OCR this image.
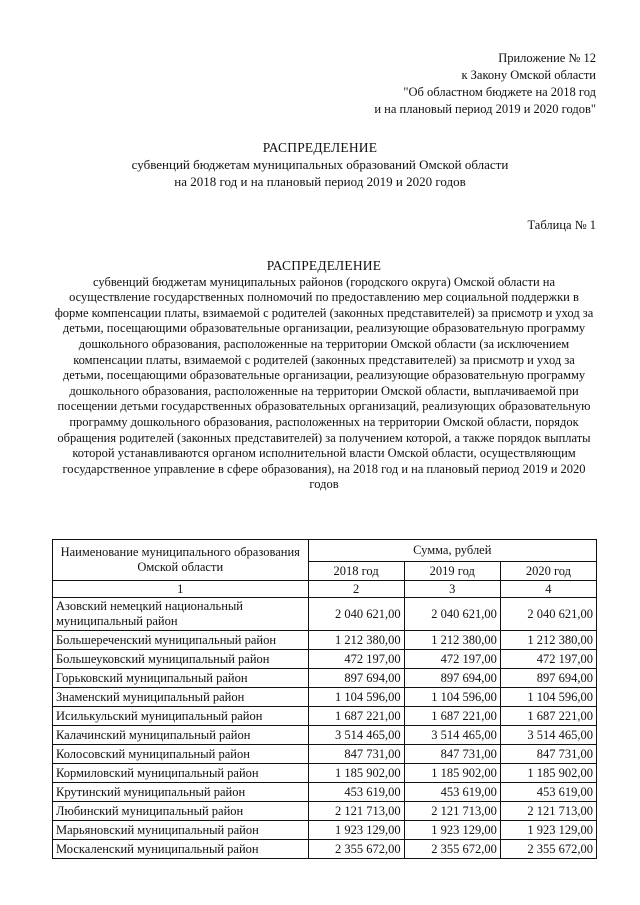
Приложение № 12
к Закону Омской области
"Об областном бюджете на 2018 год
и на плановый период 2019 и 2020 годов"
РАСПРЕДЕЛЕНИЕ
субвенций бюджетам муниципальных образований Омской области
на 2018 год и на плановый период 2019 и 2020 годов
Таблица № 1
РАСПРЕДЕЛЕНИЕ
субвенций бюджетам муниципальных районов (городского округа) Омской области на осуществление государственных полномочий по предоставлению мер социальной поддержки в форме компенсации платы, взимаемой с родителей (законных представителей) за присмотр и уход за детьми, посещающими образовательные организации, реализующие образовательную программу дошкольного образования, расположенные на территории Омской области (за исключением компенсации платы, взимаемой с родителей (законных представителей) за присмотр и уход за детьми, посещающими образовательные организации, реализующие образовательную программу дошкольного образования, расположенные на территории Омской области, выплачиваемой при посещении детьми государственных образовательных организаций, реализующих образовательную программу дошкольного образования, расположенных на территории Омской области, порядок обращения родителей (законных представителей) за получением которой, а также порядок выплаты которой устанавливаются органом исполнительной власти Омской области, осуществляющим государственное управление в сфере образования), на 2018 год и на плановый период 2019 и 2020 годов
Наименование муниципального образования Омской области	Сумма, рублей		
	2018 год	2019 год	2020 год
1	2	3	4
Азовский немецкий национальный муниципальный район	2 040 621,00	2 040 621,00	2 040 621,00
Большереченский муниципальный район	1 212 380,00	1 212 380,00	1 212 380,00
Большеуковский муниципальный район	472 197,00	472 197,00	472 197,00
Горьковский муниципальный район	897 694,00	897 694,00	897 694,00
Знаменский муниципальный район	1 104 596,00	1 104 596,00	1 104 596,00
Исилькульский муниципальный район	1 687 221,00	1 687 221,00	1 687 221,00
Калачинский муниципальный район	3 514 465,00	3 514 465,00	3 514 465,00
Колосовский муниципальный район	847 731,00	847 731,00	847 731,00
Кормиловский муниципальный район	1 185 902,00	1 185 902,00	1 185 902,00
Крутинский муниципальный район	453 619,00	453 619,00	453 619,00
Любинский муниципальный район	2 121 713,00	2 121 713,00	2 121 713,00
Марьяновский муниципальный район	1 923 129,00	1 923 129,00	1 923 129,00
Москаленский муниципальный район	2 355 672,00	2 355 672,00	2 355 672,00
